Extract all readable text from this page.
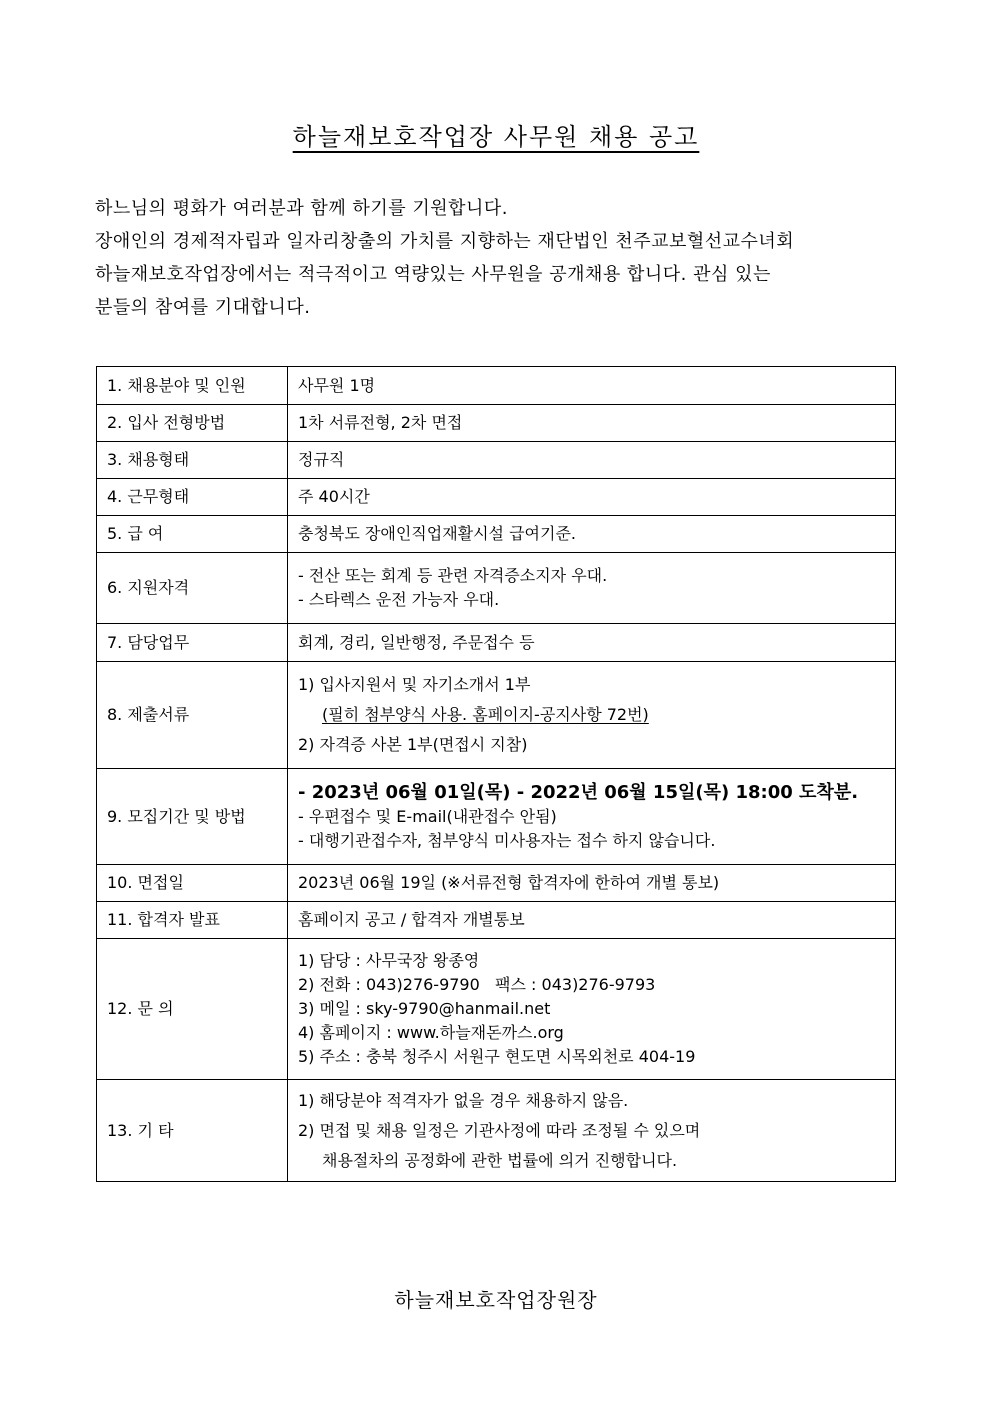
하늘재보호작업장 사무원 채용 공고

하느님의 평화가 여러분과 함께 하기를 기원합니다.

장애인의 경제적자립과 일자리창출의 가치를 지향하는 재단법인 천주교보혈선교수녀회

하늘재보호작업장에서는 적극적이고 역량있는 사무원을 공개채용 합니다. 관심 있는

분들의 참여를 기대합니다.

1. 채용분야 및 인원	사무원 1명

2. 입사 전형방법	1차 서류전형, 2차 면접

3. 채용형태	정규직

4. 근무형태	주 40시간

5. 급 여	충청북도 장애인직업재활시설 급여기준.

6. 지원자격	- 전산 또는 회계 등 관련 자격증소지자 우대.
- 스타렉스 운전 가능자 우대.

7. 담당업무	회계, 경리, 일반행정, 주문접수 등

8. 제출서류	1) 입사지원서 및 자기소개서 1부
(필히 첨부양식 사용. 홈페이지-공지사항 72번)
2) 자격증 사본 1부(면접시 지참)

9. 모집기간 및 방법	- 2023년 06월 01일(목) - 2022년 06월 15일(목) 18:00 도착분.
- 우편접수 및 E-mail(내관접수 안됨)
- 대행기관접수자, 첨부양식 미사용자는 접수 하지 않습니다.

10. 면접일	2023년 06월 19일 (※서류전형 합격자에 한하여 개별 통보)

11. 합격자 발표	홈페이지 공고 / 합격자 개별통보

12. 문 의	1) 담당 : 사무국장 왕종영
2) 전화 : 043)276-9790   팩스 : 043)276-9793
3) 메일 : sky-9790@hanmail.net
4) 홈페이지 : www.하늘재돈까스.org
5) 주소 : 충북 청주시 서원구 현도면 시목외천로 404-19

13. 기 타	1) 해당분야 적격자가 없을 경우 채용하지 않음.
2) 면접 및 채용 일정은 기관사정에 따라 조정될 수 있으며
채용절차의 공정화에 관한 법률에 의거 진행합니다.
하늘재보호작업장원장
